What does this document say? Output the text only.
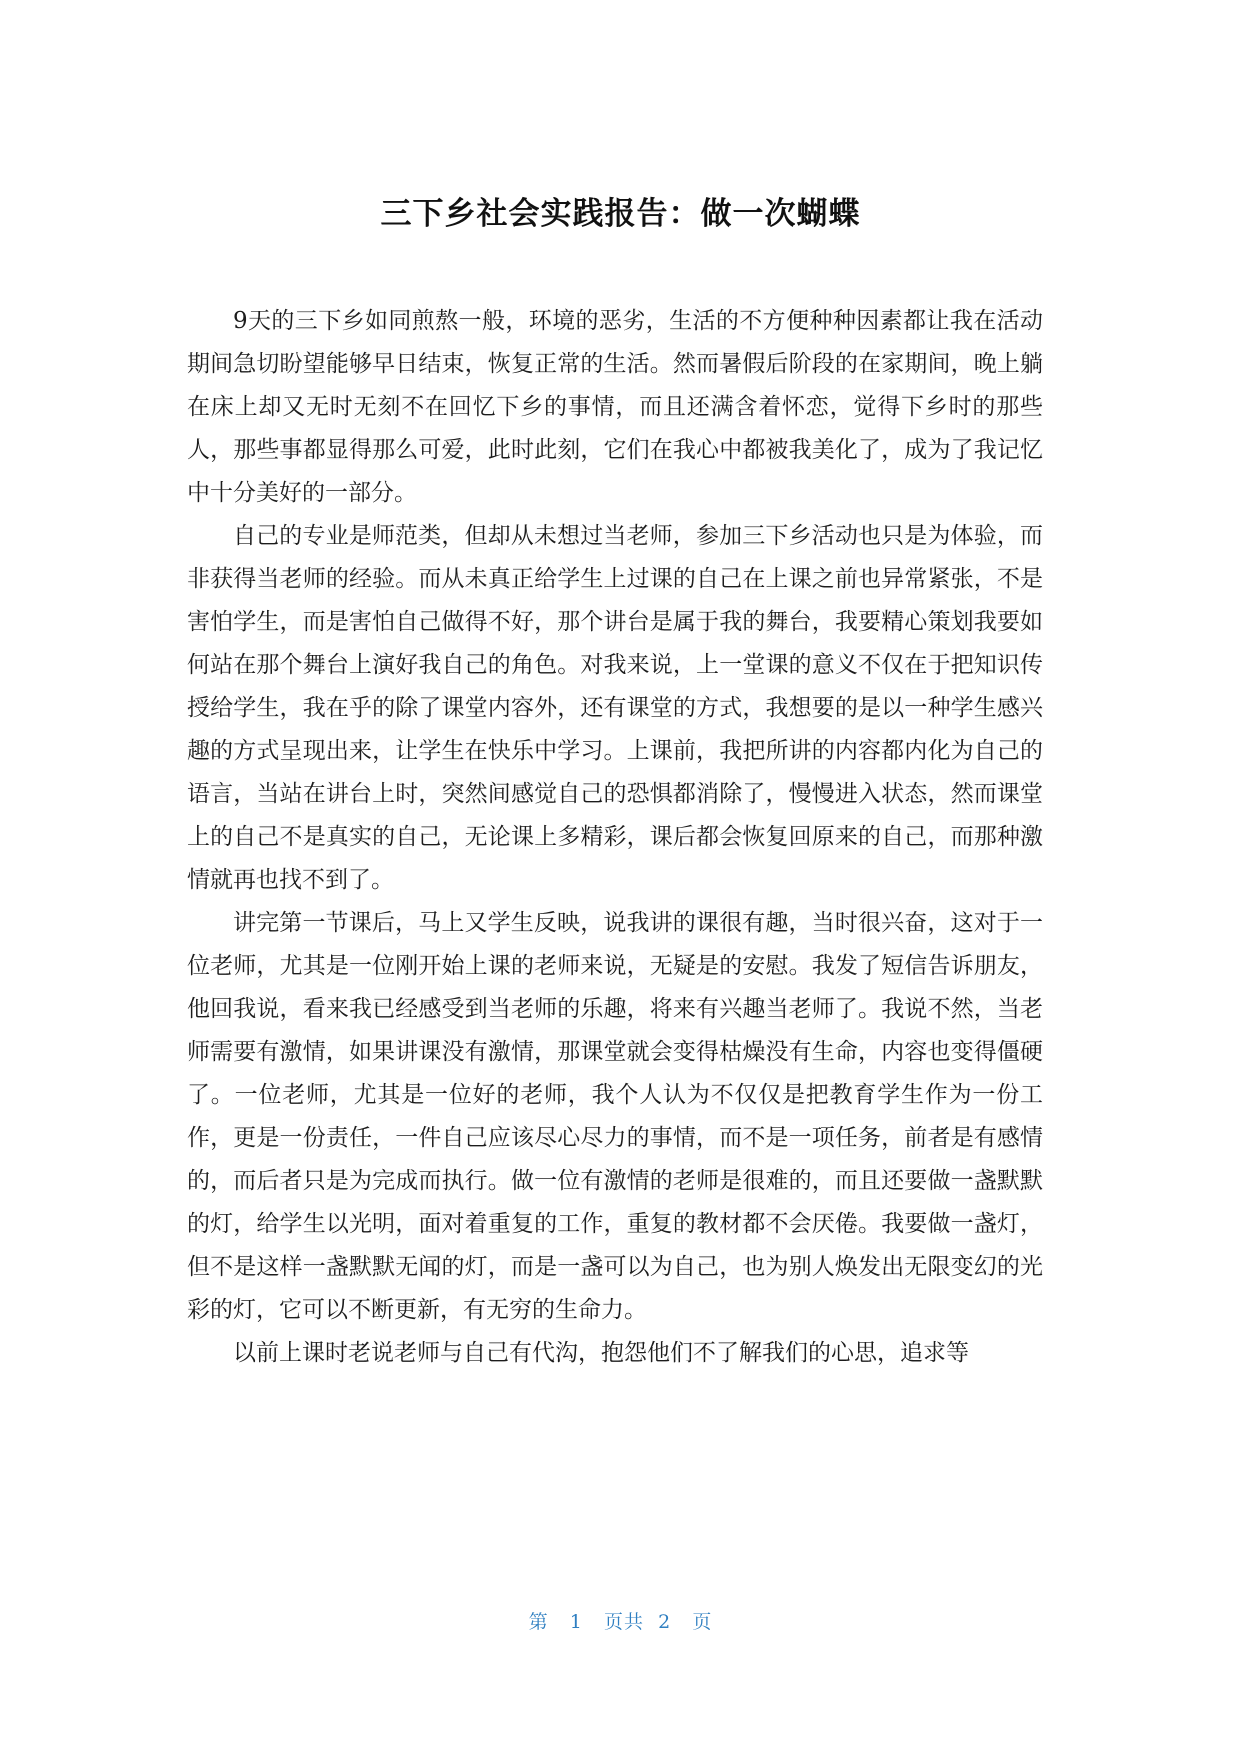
三下乡社会实践报告：做一次蝴蝶

9天的三下乡如同煎熬一般，环境的恶劣，生活的不方便种种因素都让我在活动期间急切盼望能够早日结束，恢复正常的生活。然而暑假后阶段的在家期间，晚上躺在床上却又无时无刻不在回忆下乡的事情，而且还满含着怀恋，觉得下乡时的那些人，那些事都显得那么可爱，此时此刻，它们在我心中都被我美化了，成为了我记忆中十分美好的一部分。

自己的专业是师范类，但却从未想过当老师，参加三下乡活动也只是为体验，而非获得当老师的经验。而从未真正给学生上过课的自己在上课之前也异常紧张，不是害怕学生，而是害怕自己做得不好，那个讲台是属于我的舞台，我要精心策划我要如何站在那个舞台上演好我自己的角色。对我来说，上一堂课的意义不仅在于把知识传授给学生，我在乎的除了课堂内容外，还有课堂的方式，我想要的是以一种学生感兴趣的方式呈现出来，让学生在快乐中学习。上课前，我把所讲的内容都内化为自己的语言，当站在讲台上时，突然间感觉自己的恐惧都消除了，慢慢进入状态，然而课堂上的自己不是真实的自己，无论课上多精彩，课后都会恢复回原来的自己，而那种激情就再也找不到了。

讲完第一节课后，马上又学生反映，说我讲的课很有趣，当时很兴奋，这对于一位老师，尤其是一位刚开始上课的老师来说，无疑是的安慰。我发了短信告诉朋友，他回我说，看来我已经感受到当老师的乐趣，将来有兴趣当老师了。我说不然，当老师需要有激情，如果讲课没有激情，那课堂就会变得枯燥没有生命，内容也变得僵硬了。一位老师，尤其是一位好的老师，我个人认为不仅仅是把教育学生作为一份工作，更是一份责任，一件自己应该尽心尽力的事情，而不是一项任务，前者是有感情的，而后者只是为完成而执行。做一位有激情的老师是很难的，而且还要做一盏默默的灯，给学生以光明，面对着重复的工作，重复的教材都不会厌倦。我要做一盏灯，但不是这样一盏默默无闻的灯，而是一盏可以为自己，也为别人焕发出无限变幻的光彩的灯，它可以不断更新，有无穷的生命力。

以前上课时老说老师与自己有代沟，抱怨他们不了解我们的心思，追求等

第 1 页共 2 页
